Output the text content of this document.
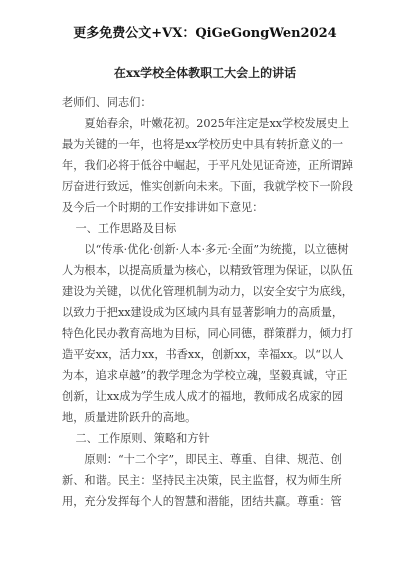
更多免费公文+VX：QiGeGongWen2024
在xx学校全体教职工大会上的讲话

老师们、同志们：

夏始春余，叶嫩花初。2025年注定是xx学校发展史上最为关键的一年，也将是xx学校历史中具有转折意义的一年，我们必将于低谷中崛起，于平凡处见证奇迹，正所谓踔厉奋进行致远，惟实创新向未来。下面，我就学校下一阶段及今后一个时期的工作安排讲如下意见：

一、工作思路及目标

以“传承·优化·创新·人本·多元·全面”为统揽，以立德树人为根本，以提高质量为核心，以精致管理为保证，以队伍建设为关键，以优化管理机制为动力，以安全安宁为底线，以致力于把xx建设成为区域内具有显著影响力的高质量，特色化民办教育高地为目标，同心同德，群策群力，倾力打造平安xx，活力xx，书香xx，创新xx，幸福xx。以“以人为本，追求卓越”的教学理念为学校立魂，坚毅真诚，守正创新，让xx成为学生成人成才的福地，教师成名成家的园地，质量进阶跃升的高地。

二、工作原则、策略和方针

原则：“十二个字”，即民主、尊重、自律、规范、创新、和谐。民主：坚持民主决策，民主监督，权为师生所用，充分发挥每个人的智慧和潜能，团结共赢。尊重：管
